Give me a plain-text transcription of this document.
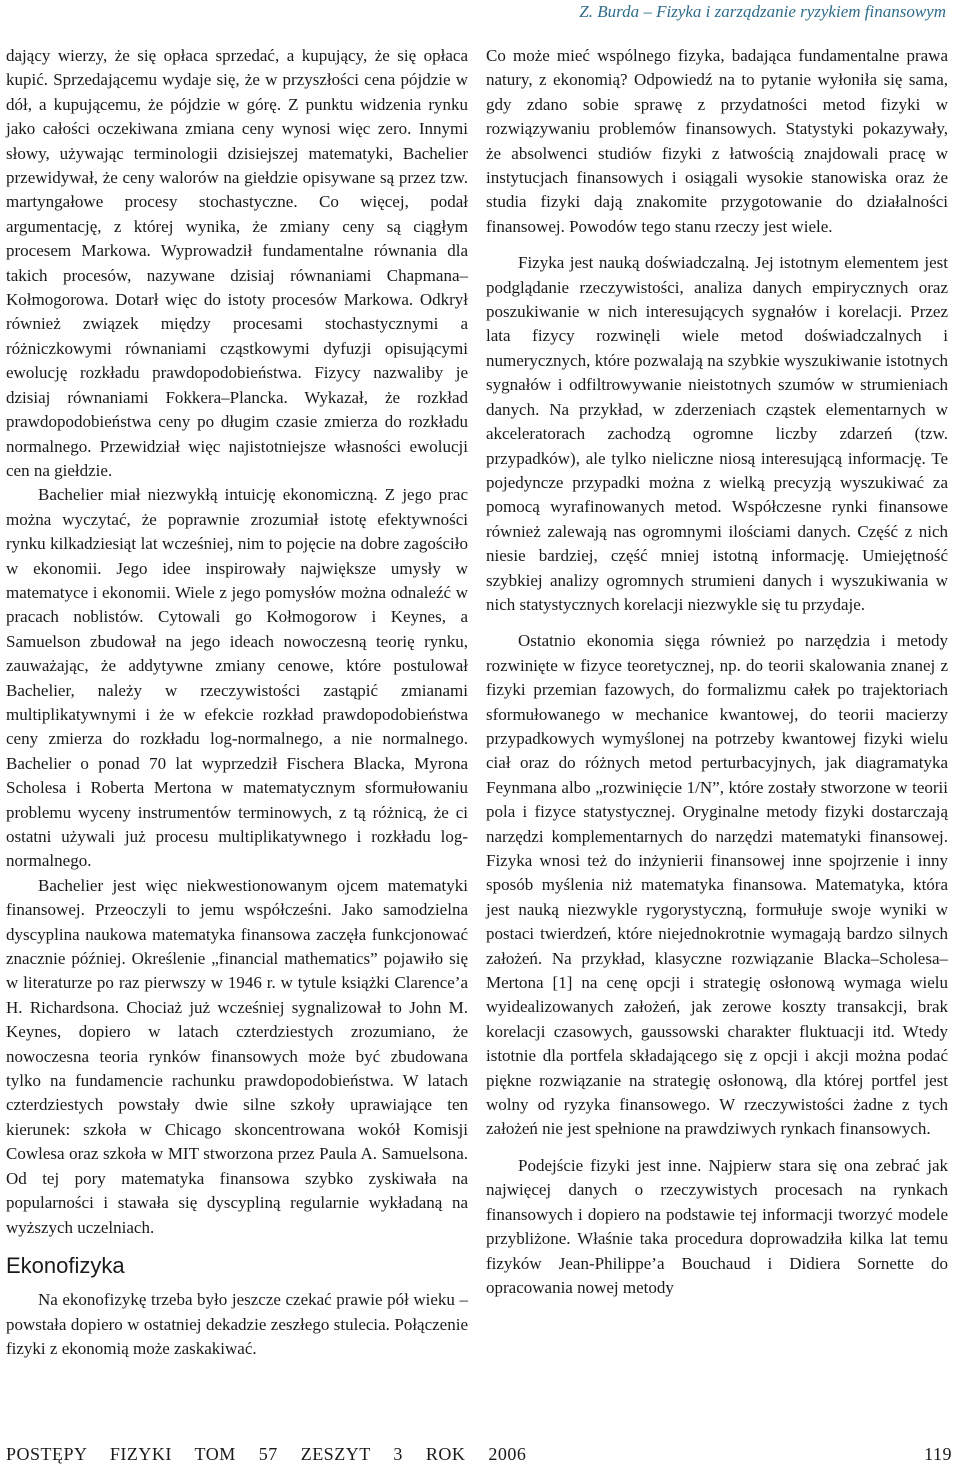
Z. Burda – Fizyka i zarządzanie ryzykiem finansowym

dający wierzy, że się opłaca sprzedać, a kupujący, że się opłaca kupić. Sprzedającemu wydaje się, że w przyszłości cena pójdzie w dół, a kupującemu, że pójdzie w górę. Z punktu widzenia rynku jako całości oczekiwana zmiana ceny wynosi więc zero. Innymi słowy, używając terminologii dzisiejszej matematyki, Bachelier przewidywał, że ceny walorów na giełdzie opisywane są przez tzw. martyngałowe procesy stochastyczne. Co więcej, podał argumentację, z której wynika, że zmiany ceny są ciągłym procesem Markowa. Wyprowadził fundamentalne równania dla takich procesów, nazywane dzisiaj równaniami Chapmana–Kołmogorowa. Dotarł więc do istoty procesów Markowa. Odkrył również związek między procesami stochastycznymi a różniczkowymi równaniami cząstkowymi dyfuzji opisującymi ewolucję rozkładu prawdopodobieństwa. Fizycy nazwaliby je dzisiaj równaniami Fokkera–Plancka. Wykazał, że rozkład prawdopodobieństwa ceny po długim czasie zmierza do rozkładu normalnego. Przewidział więc najistotniejsze własności ewolucji cen na giełdzie.

Bachelier miał niezwykłą intuicję ekonomiczną. Z jego prac można wyczytać, że poprawnie zrozumiał istotę efektywności rynku kilkadziesiąt lat wcześniej, nim to pojęcie na dobre zagościło w ekonomii. Jego idee inspirowały największe umysły w matematyce i ekonomii. Wiele z jego pomysłów można odnaleźć w pracach noblistów. Cytowali go Kołmogorow i Keynes, a Samuelson zbudował na jego ideach nowoczesną teorię rynku, zauważając, że addytywne zmiany cenowe, które postulował Bachelier, należy w rzeczywistości zastąpić zmianami multiplikatywnymi i że w efekcie rozkład prawdopodobieństwa ceny zmierza do rozkładu log-normalnego, a nie normalnego. Bachelier o ponad 70 lat wyprzedził Fischera Blacka, Myrona Scholesa i Roberta Mertona w matematycznym sformułowaniu problemu wyceny instrumentów terminowych, z tą różnicą, że ci ostatni używali już procesu multiplikatywnego i rozkładu log-normalnego.

Bachelier jest więc niekwestionowanym ojcem matematyki finansowej. Przeoczyli to jemu współcześni. Jako samodzielna dyscyplina naukowa matematyka finansowa zaczęła funkcjonować znacznie później. Określenie „financial mathematics” pojawiło się w literaturze po raz pierwszy w 1946 r. w tytule książki Clarence’a H. Richardsona. Chociaż już wcześniej sygnalizował to John M. Keynes, dopiero w latach czterdziestych zrozumiano, że nowoczesna teoria rynków finansowych może być zbudowana tylko na fundamencie rachunku prawdopodobieństwa. W latach czterdziestych powstały dwie silne szkoły uprawiające ten kierunek: szkoła w Chicago skoncentrowana wokół Komisji Cowlesa oraz szkoła w MIT stworzona przez Paula A. Samuelsona. Od tej pory matematyka finansowa szybko zyskiwała na popularności i stawała się dyscypliną regularnie wykładaną na wyższych uczelniach.

Ekonofizyka

Na ekonofizykę trzeba było jeszcze czekać prawie pół wieku – powstała dopiero w ostatniej dekadzie zeszłego stulecia. Połączenie fizyki z ekonomią może zaskakiwać.

Co może mieć wspólnego fizyka, badająca fundamentalne prawa natury, z ekonomią? Odpowiedź na to pytanie wyłoniła się sama, gdy zdano sobie sprawę z przydatności metod fizyki w rozwiązywaniu problemów finansowych. Statystyki pokazywały, że absolwenci studiów fizyki z łatwością znajdowali pracę w instytucjach finansowych i osiągali wysokie stanowiska oraz że studia fizyki dają znakomite przygotowanie do działalności finansowej. Powodów tego stanu rzeczy jest wiele.

Fizyka jest nauką doświadczalną. Jej istotnym elementem jest podglądanie rzeczywistości, analiza danych empirycznych oraz poszukiwanie w nich interesujących sygnałów i korelacji. Przez lata fizycy rozwinęli wiele metod doświadczalnych i numerycznych, które pozwalają na szybkie wyszukiwanie istotnych sygnałów i odfiltrowywanie nieistotnych szumów w strumieniach danych. Na przykład, w zderzeniach cząstek elementarnych w akceleratorach zachodzą ogromne liczby zdarzeń (tzw. przypadków), ale tylko nieliczne niosą interesującą informację. Te pojedyncze przypadki można z wielką precyzją wyszukiwać za pomocą wyrafinowanych metod. Współczesne rynki finansowe również zalewają nas ogromnymi ilościami danych. Część z nich niesie bardziej, część mniej istotną informację. Umiejętność szybkiej analizy ogromnych strumieni danych i wyszukiwania w nich statystycznych korelacji niezwykle się tu przydaje.

Ostatnio ekonomia sięga również po narzędzia i metody rozwinięte w fizyce teoretycznej, np. do teorii skalowania znanej z fizyki przemian fazowych, do formalizmu całek po trajektoriach sformułowanego w mechanice kwantowej, do teorii macierzy przypadkowych wymyślonej na potrzeby kwantowej fizyki wielu ciał oraz do różnych metod perturbacyjnych, jak diagramatyka Feynmana albo „rozwinięcie 1/N”, które zostały stworzone w teorii pola i fizyce statystycznej. Oryginalne metody fizyki dostarczają narzędzi komplementarnych do narzędzi matematyki finansowej. Fizyka wnosi też do inżynierii finansowej inne spojrzenie i inny sposób myślenia niż matematyka finansowa. Matematyka, która jest nauką niezwykle rygorystyczną, formułuje swoje wyniki w postaci twierdzeń, które niejednokrotnie wymagają bardzo silnych założeń. Na przykład, klasyczne rozwiązanie Blacka–Scholesa–Mertona [1] na cenę opcji i strategię osłonową wymaga wielu wyidealizowanych założeń, jak zerowe koszty transakcji, brak korelacji czasowych, gaussowski charakter fluktuacji itd. Wtedy istotnie dla portfela składającego się z opcji i akcji można podać piękne rozwiązanie na strategię osłonową, dla której portfel jest wolny od ryzyka finansowego. W rzeczywistości żadne z tych założeń nie jest spełnione na prawdziwych rynkach finansowych.

Podejście fizyki jest inne. Najpierw stara się ona zebrać jak najwięcej danych o rzeczywistych procesach na rynkach finansowych i dopiero na podstawie tej informacji tworzyć modele przybliżone. Właśnie taka procedura doprowadziła kilka lat temu fizyków Jean-Philippe’a Bouchaud i Didiera Sornette do opracowania nowej metody

POSTĘPY FIZYKI TOM 57 ZESZYT 3 ROK 2006	119
